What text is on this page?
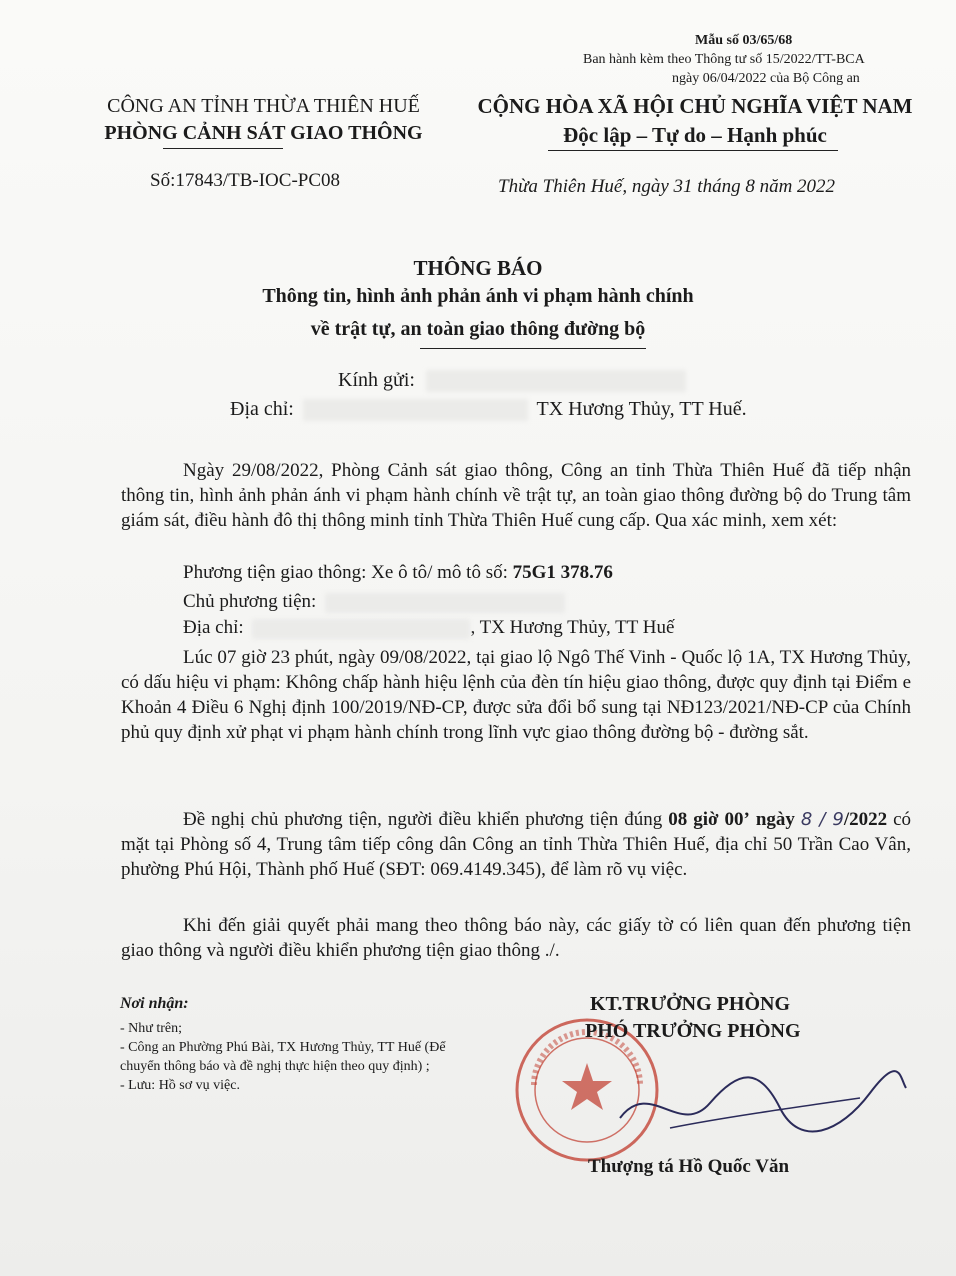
Mẫu số 03/65/68
Ban hành kèm theo Thông tư số 15/2022/TT-BCA
ngày 06/04/2022 của Bộ Công an
CÔNG AN TỈNH THỪA THIÊN HUẾ
PHÒNG CẢNH SÁT GIAO THÔNG
CỘNG HÒA XÃ HỘI CHỦ NGHĨA VIỆT NAM
Độc lập – Tự do – Hạnh phúc
Số:17843/TB-IOC-PC08	Thừa Thiên Huế, ngày 31 tháng 8 năm 2022
THÔNG BÁO
Thông tin, hình ảnh phản ánh vi phạm hành chính
về trật tự, an toàn giao thông đường bộ
Kính gửi:
Địa chỉ:	TX Hương Thủy, TT Huế.
Ngày 29/08/2022, Phòng Cảnh sát giao thông, Công an tỉnh Thừa Thiên Huế đã tiếp nhận thông tin, hình ảnh phản ánh vi phạm hành chính về trật tự, an toàn giao thông đường bộ do Trung tâm giám sát, điều hành đô thị thông minh tỉnh Thừa Thiên Huế cung cấp. Qua xác minh, xem xét:
Phương tiện giao thông: Xe ô tô/ mô tô số: 75G1 378.76
Chủ phương tiện:
Địa chỉ:	, TX Hương Thủy, TT Huế
Lúc 07 giờ 23 phút, ngày 09/08/2022, tại giao lộ Ngô Thế Vinh - Quốc lộ 1A, TX Hương Thủy, có dấu hiệu vi phạm: Không chấp hành hiệu lệnh của đèn tín hiệu giao thông, được quy định tại Điểm e Khoản 4 Điều 6 Nghị định 100/2019/NĐ-CP, được sửa đổi bổ sung tại NĐ123/2021/NĐ-CP của Chính phủ quy định xử phạt vi phạm hành chính trong lĩnh vực giao thông đường bộ - đường sắt.
Đề nghị chủ phương tiện, người điều khiển phương tiện đúng 08 giờ 00’ ngày 8 / 9/2022 có mặt tại Phòng số 4, Trung tâm tiếp công dân Công an tỉnh Thừa Thiên Huế, địa chỉ 50 Trần Cao Vân, phường Phú Hội, Thành phố Huế (SĐT: 069.4149.345), để làm rõ vụ việc.
Khi đến giải quyết phải mang theo thông báo này, các giấy tờ có liên quan đến phương tiện giao thông và người điều khiển phương tiện giao thông ./.
Nơi nhận:
- Như trên;
- Công an Phường Phú Bài, TX Hương Thủy, TT Huế (Để chuyển thông báo và đề nghị thực hiện theo quy định) ;
- Lưu: Hồ sơ vụ việc.
KT.TRƯỞNG PHÒNG
PHÓ TRƯỞNG PHÒNG
Thượng tá Hồ Quốc Văn
